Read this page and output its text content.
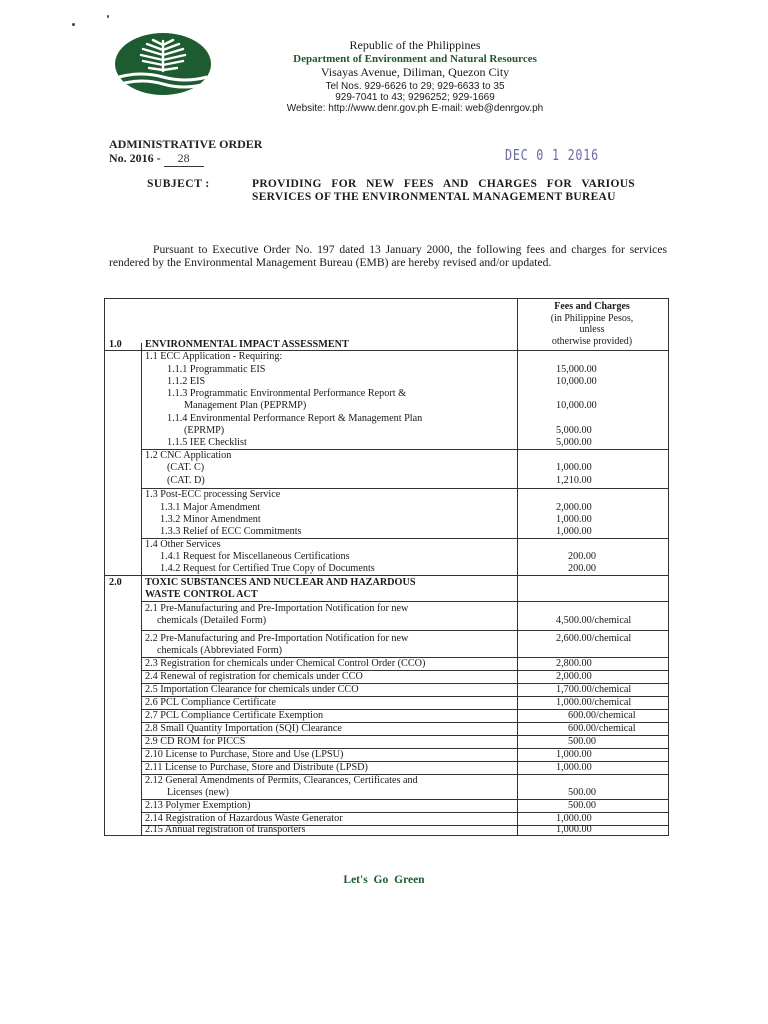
Republic of the Philippines
Department of Environment and Natural Resources
Visayas Avenue, Diliman, Quezon City
Tel Nos. 929-6626 to 29; 929-6633 to 35
929-7041 to 43; 9296252; 929-1669
Website: http://www.denr.gov.ph E-mail: web@denrgov.ph
ADMINISTRATIVE ORDER
No. 2016 - 28	DEC 0 1 2016
SUBJECT :	PROVIDING FOR NEW FEES AND CHARGES FOR VARIOUS SERVICES OF THE ENVIRONMENTAL MANAGEMENT BUREAU
Pursuant to Executive Order No. 197 dated 13 January 2000, the following fees and charges for services rendered by the Environmental Management Bureau (EMB) are hereby revised and/or updated.
Fees and Charges
(in Philippine Pesos,
unless
otherwise provided)
1.0 ENVIRONMENTAL IMPACT ASSESSMENT
1.1 ECC Application - Requiring:
1.1.1 Programmatic EIS	15,000.00
1.1.2 EIS	10,000.00
1.1.3 Programmatic Environmental Performance Report &
Management Plan (PEPRMP)	10,000.00
1.1.4 Environmental Performance Report & Management Plan
(EPRMP)	5,000.00
1.1.5 IEE Checklist	5,000.00
1.2 CNC Application
(CAT. C)	1,000.00
(CAT. D)	1,210.00
1.3 Post-ECC processing Service
1.3.1 Major Amendment	2,000.00
1.3.2 Minor Amendment	1,000.00
1.3.3 Relief of ECC Commitments	1,000.00
1.4 Other Services
1.4.1 Request for Miscellaneous Certifications	200.00
1.4.2 Request for Certified True Copy of Documents	200.00
2.0 TOXIC SUBSTANCES AND NUCLEAR AND HAZARDOUS
WASTE CONTROL ACT
2.1 Pre-Manufacturing and Pre-Importation Notification for new
chemicals (Detailed Form)	4,500.00/chemical
2.2 Pre-Manufacturing and Pre-Importation Notification for new
chemicals (Abbreviated Form)
2,600.00/chemical
2.3 Registration for chemicals under Chemical Control Order (CCO)	2,800.00
2.4 Renewal of registration for chemicals under CCO	2,000.00
2.5 Importation Clearance for chemicals under CCO	1,700.00/chemical
2.6 PCL Compliance Certificate	1,000.00/chemical
2.7 PCL Compliance Certificate Exemption	600.00/chemical
2.8 Small Quantity Importation (SQI) Clearance	600.00/chemical
2.9 CD ROM for PICCS	500.00
2.10 License to Purchase, Store and Use (LPSU)	1,000.00
2.11 License to Purchase, Store and Distribute (LPSD)	1,000.00
2.12 General Amendments of Permits, Clearances, Certificates and
Licenses (new)	500.00
2.13 Polymer Exemption)	500.00
2.14 Registration of Hazardous Waste Generator	1,000.00
2.15 Annual registration of transporters	1,000.00
Let's Go Green
